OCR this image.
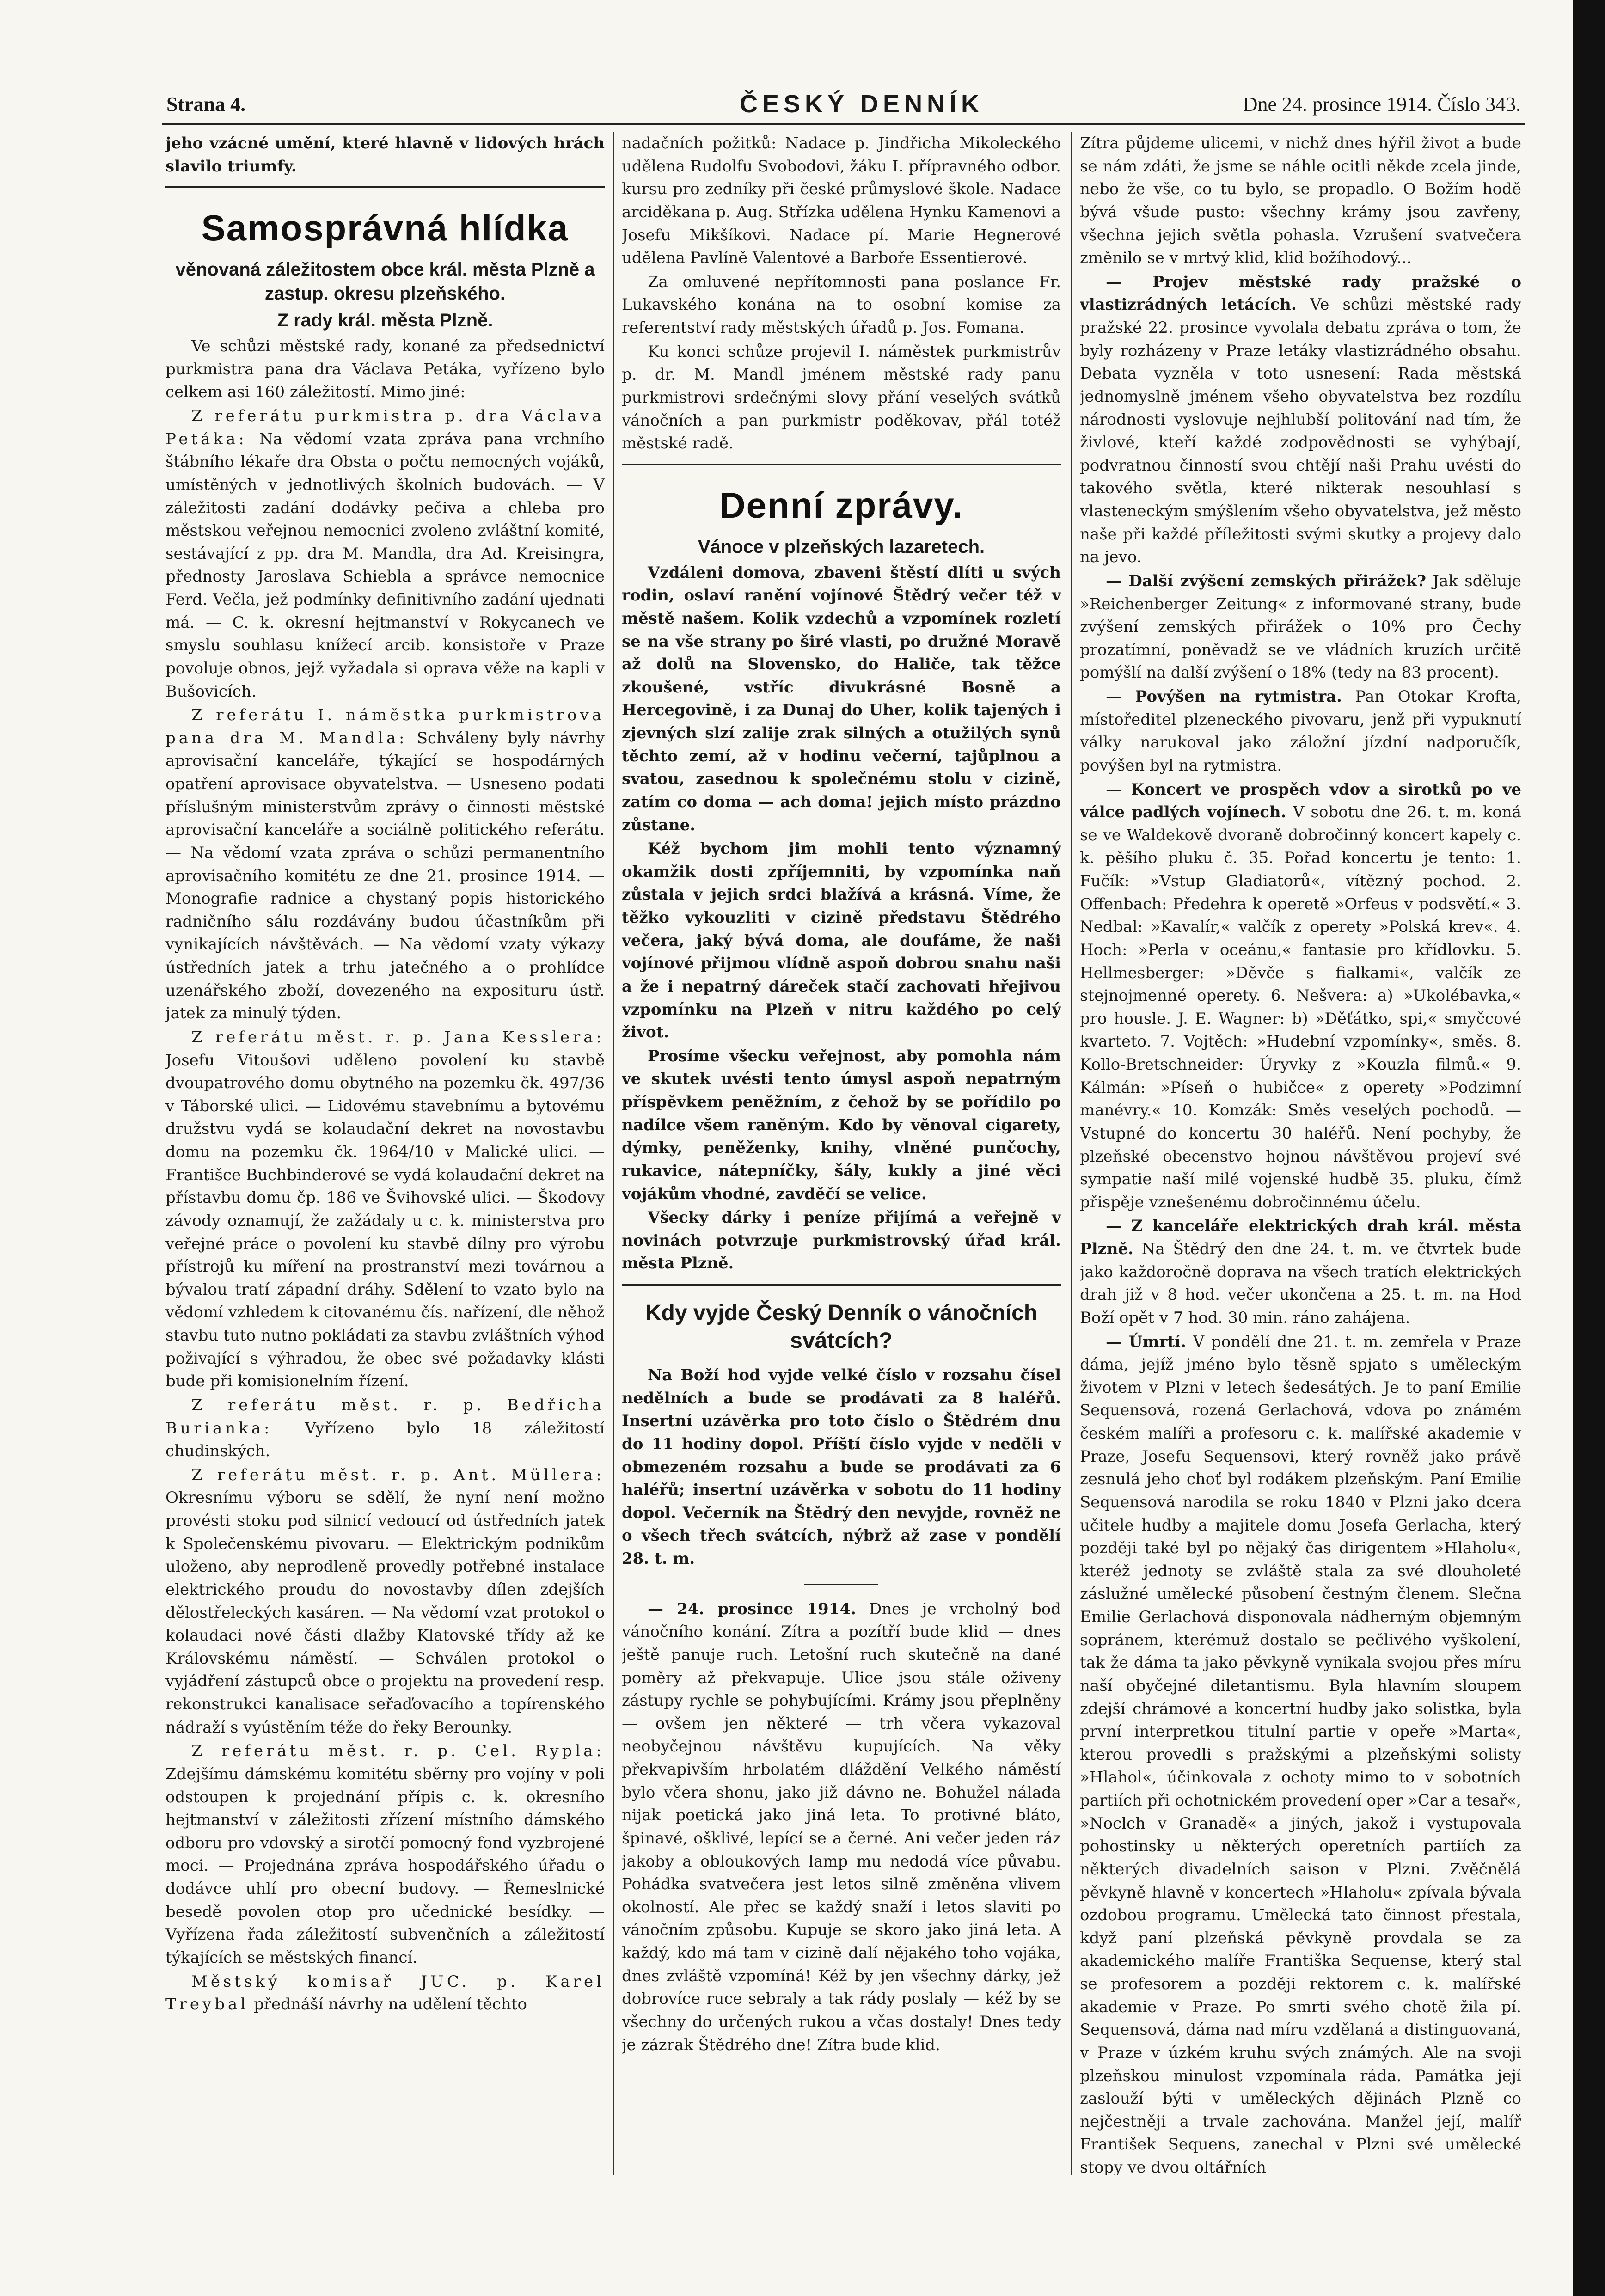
Strana 4.	ČESKÝ DENNÍK	Dne 24. prosince 1914. Číslo 343.

jeho vzácné umění, které hlavně v lidových hrách slavilo triumfy.

Samosprávná hlídka
věnovaná záležitostem obce král. města Plzně a zastup. okresu plzeňského.
Z rady král. města Plzně.

Ve schůzi městské rady, konané za předsednictví purkmistra pana dra Václava Petáka, vyřízeno bylo celkem asi 160 záležitostí. Mimo jiné:

Z referátu purkmistra p. dra Václava Petáka: Na vědomí vzata zpráva pana vrchního štábního lékaře dra Obsta o počtu nemocných vojáků, umístěných v jednotlivých školních budovách. — V záležitosti zadání dodávky pečiva a chleba pro městskou veřejnou nemocnici zvoleno zvláštní komité, sestávající z pp. dra M. Mandla, dra Ad. Kreisingra, přednosty Jaroslava Schiebla a správce nemocnice Ferd. Večla, jež podmínky definitivního zadání ujednati má. — C. k. okresní hejtmanství v Rokycanech ve smyslu souhlasu knížecí arcib. konsistoře v Praze povoluje obnos, jejž vyžadala si oprava věže na kapli v Bušovicích.

Z referátu I. náměstka purkmistrova pana dra M. Mandla: Schváleny byly návrhy aprovisační kanceláře, týkající se hospodárných opatření aprovisace obyvatelstva. — Usneseno podati příslušným ministerstvům zprávy o činnosti městské aprovisační kanceláře a sociálně politického referátu. — Na vědomí vzata zpráva o schůzi permanentního aprovisačního komitétu ze dne 21. prosince 1914. — Monografie radnice a chystaný popis historického radničního sálu rozdávány budou účastníkům při vynikajících návštěvách. — Na vědomí vzaty výkazy ústředních jatek a trhu jatečného a o prohlídce uzenářského zboží, dovezeného na exposituru ústř. jatek za minulý týden.

Z referátu měst. r. p. Jana Kesslera: Josefu Vitoušovi uděleno povolení ku stavbě dvoupatrového domu obytného na pozemku čk. 497/36 v Táborské ulici. — Lidovému stavebnímu a bytovému družstvu vydá se kolaudační dekret na novostavbu domu na pozemku čk. 1964/10 v Malické ulici. — Františce Buchbinderové se vydá kolaudační dekret na přístavbu domu čp. 186 ve Švihovské ulici. — Škodovy závody oznamují, že zažádaly u c. k. ministerstva pro veřejné práce o povolení ku stavbě dílny pro výrobu přístrojů ku míření na prostranství mezi továrnou a bývalou tratí západní dráhy. Sdělení to vzato bylo na vědomí vzhledem k citovanému čís. nařízení, dle něhož stavbu tuto nutno pokládati za stavbu zvláštních výhod poživající s výhradou, že obec své požadavky klásti bude při komisionelním řízení.

Z referátu měst. r. p. Bedřicha Burianka: Vyřízeno bylo 18 záležitostí chudinských.

Z referátu měst. r. p. Ant. Müllera: Okresnímu výboru se sdělí, že nyní není možno provésti stoku pod silnicí vedoucí od ústředních jatek k Společenskému pivovaru. — Elektrickým podnikům uloženo, aby neprodleně provedly potřebné instalace elektrického proudu do novostavby dílen zdejších dělostřeleckých kasáren. — Na vědomí vzat protokol o kolaudaci nové části dlažby Klatovské třídy až ke Královskému náměstí. — Schválen protokol o vyjádření zástupců obce o projektu na provedení resp. rekonstrukci kanalisace seřaďovacího a topírenského nádraží s vyústěním téže do řeky Berounky.

Z referátu měst. r. p. Cel. Rypla: Zdejšímu dámskému komitétu sběrny pro vojíny v poli odstoupen k projednání přípis c. k. okresního hejtmanství v záležitosti zřízení místního dámského odboru pro vdovský a sirotčí pomocný fond vyzbrojené moci. — Projednána zpráva hospodářského úřadu o dodávce uhlí pro obecní budovy. — Řemeslnické besedě povolen otop pro učednické besídky. — Vyřízena řada záležitostí subvenčních a záležitostí týkajících se městských financí.

Městský komisař JUC. p. Karel Treybal přednáší návrhy na udělení těchto

nadačních požitků: Nadace p. Jindřicha Mikoleckého udělena Rudolfu Svobodovi, žáku I. přípravného odbor. kursu pro zedníky při české průmyslové škole. Nadace arciděkana p. Aug. Střízka udělena Hynku Kamenovi a Josefu Mikšíkovi. Nadace pí. Marie Hegnerové udělena Pavlíně Valentové a Barboře Essentierové.

Za omluvené nepřítomnosti pana poslance Fr. Lukavského konána na to osobní komise za referentství rady městských úřadů p. Jos. Fomana.

Ku konci schůze projevil I. náměstek purkmistrův p. dr. M. Mandl jménem městské rady panu purkmistrovi srdečnými slovy přání veselých svátků vánočních a pan purkmistr poděkovav, přál totéž městské radě.

Denní zprávy.
Vánoce v plzeňských lazaretech.

Vzdáleni domova, zbaveni štěstí dlíti u svých rodin, oslaví ranění vojínové Štědrý večer též v městě našem. Kolik vzdechů a vzpomínek rozletí se na vše strany po širé vlasti, po družné Moravě až dolů na Slovensko, do Haliče, tak těžce zkoušené, vstříc divukrásné Bosně a Hercegovině, i za Dunaj do Uher, kolik tajených i zjevných slzí zalije zrak silných a otužilých synů těchto zemí, až v hodinu večerní, tajůplnou a svatou, zasednou k společnému stolu v cizině, zatím co doma — ach doma! jejich místo prázdno zůstane.

Kéž bychom jim mohli tento významný okamžik dosti zpříjemniti, by vzpomínka naň zůstala v jejich srdci blažívá a krásná. Víme, že těžko vykouzliti v cizině představu Štědrého večera, jaký bývá doma, ale doufáme, že naši vojínové přijmou vlídně aspoň dobrou snahu naši a že i nepatrný dáreček stačí zachovati hřejivou vzpomínku na Plzeň v nitru každého po celý život.

Prosíme všecku veřejnost, aby pomohla nám ve skutek uvésti tento úmysl aspoň nepatrným příspěvkem peněžním, z čehož by se pořídilo po nadílce všem raněným. Kdo by věnoval cigarety, dýmky, peněženky, knihy, vlněné punčochy, rukavice, nátepníčky, šály, kukly a jiné věci vojákům vhodné, zavděčí se velice.

Všecky dárky i peníze přijímá a veřejně v novinách potvrzuje purkmistrovský úřad král. města Plzně.

Kdy vyjde Český Denník o vánočních svátcích?

Na Boží hod vyjde velké číslo v rozsahu čísel nedělních a bude se prodávati za 8 haléřů. Insertní uzávěrka pro toto číslo o Štědrém dnu do 11 hodiny dopol. Příští číslo vyjde v neděli v obmezeném rozsahu a bude se prodávati za 6 haléřů; insertní uzávěrka v sobotu do 11 hodiny dopol. Večerník na Štědrý den nevyjde, rovněž ne o všech třech svátcích, nýbrž až zase v pondělí 28. t. m.

— 24. prosince 1914. Dnes je vrcholný bod vánočního konání. Zítra a pozítří bude klid — dnes ještě panuje ruch. Letošní ruch skutečně na dané poměry až překvapuje. Ulice jsou stále oživeny zástupy rychle se pohybujícími. Krámy jsou přeplněny — ovšem jen některé — trh včera vykazoval neobyčejnou návštěvu kupujících. Na věky překvapivším hrbolatém dláždění Velkého náměstí bylo včera shonu, jako již dávno ne. Bohužel nálada nijak poetická jako jiná leta. To protivné bláto, špinavé, ošklivé, lepící se a černé. Ani večer jeden ráz jakoby a obloukových lamp mu nedodá více půvabu. Pohádka svatvečera jest letos silně změněna vlivem okolností. Ale přec se každý snaží i letos slaviti po vánočním způsobu. Kupuje se skoro jako jiná leta. A každý, kdo má tam v cizině dalí nějakého toho vojáka, dnes zvláště vzpomíná! Kéž by jen všechny dárky, jež dobrovíce ruce sebraly a tak rády poslaly — kéž by se všechny do určených rukou a včas dostaly! Dnes tedy je zázrak Štědrého dne! Zítra bude klid.

Zítra půjdeme ulicemi, v nichž dnes hýřil život a bude se nám zdáti, že jsme se náhle ocitli někde zcela jinde, nebo že vše, co tu bylo, se propadlo. O Božím hodě bývá všude pusto: všechny krámy jsou zavřeny, všechna jejich světla pohasla. Vzrušení svatvečera změnilo se v mrtvý klid, klid božíhodový...

— Projev městské rady pražské o vlastizrádných letácích. Ve schůzi městské rady pražské 22. prosince vyvolala debatu zpráva o tom, že byly rozházeny v Praze letáky vlastizrádného obsahu. Debata vyzněla v toto usnesení: Rada městská jednomyslně jménem všeho obyvatelstva bez rozdílu národnosti vyslovuje nejhlubší politování nad tím, že živlové, kteří každé zodpovědnosti se vyhýbají, podvratnou činností svou chtějí naši Prahu uvésti do takového světla, které nikterak nesouhlasí s vlasteneckým smýšlením všeho obyvatelstva, jež město naše při každé příležitosti svými skutky a projevy dalo na jevo.

— Další zvýšení zemských přirážek? Jak sděluje »Reichenberger Zeitung« z informované strany, bude zvýšení zemských přirážek o 10% pro Čechy prozatímní, poněvadž se ve vládních kruzích určitě pomýšlí na další zvýšení o 18% (tedy na 83 procent).

— Povýšen na rytmistra. Pan Otokar Krofta, místoředitel plzeneckého pivovaru, jenž při vypuknutí války narukoval jako záložní jízdní nadporučík, povýšen byl na rytmistra.

— Koncert ve prospěch vdov a sirotků po ve válce padlých vojínech. V sobotu dne 26. t. m. koná se ve Waldekově dvoraně dobročinný koncert kapely c. k. pěšího pluku č. 35. Pořad koncertu je tento: 1. Fučík: »Vstup Gladiatorů«, vítězný pochod. 2. Offenbach: Předehra k operetě »Orfeus v podsvětí.« 3. Nedbal: »Kavalír,« valčík z operety »Polská krev«. 4. Hoch: »Perla v oceánu,« fantasie pro křídlovku. 5. Hellmesberger: »Děvče s fialkami«, valčík ze stejnojmenné operety. 6. Nešvera: a) »Ukolébavka,« pro housle. J. E. Wagner: b) »Děťátko, spi,« smyčcové kvarteto. 7. Vojtěch: »Hudební vzpomínky«, směs. 8. Kollo-Bretschneider: Úryvky z »Kouzla filmů.« 9. Kálmán: »Píseň o hubičce« z operety »Podzimní manévry.« 10. Komzák: Směs veselých pochodů. — Vstupné do koncertu 30 haléřů. Není pochyby, že plzeňské obecenstvo hojnou návštěvou projeví své sympatie naší milé vojenské hudbě 35. pluku, čímž přispěje vznešenému dobročinnému účelu.

— Z kanceláře elektrických drah král. města Plzně. Na Štědrý den dne 24. t. m. ve čtvrtek bude jako každoročně doprava na všech tratích elektrických drah již v 8 hod. večer ukončena a 25. t. m. na Hod Boží opět v 7 hod. 30 min. ráno zahájena.

— Úmrtí. V pondělí dne 21. t. m. zemřela v Praze dáma, jejíž jméno bylo těsně spjato s uměleckým životem v Plzni v letech šedesátých. Je to paní Emilie Sequensová, rozená Gerlachová, vdova po známém českém malíři a profesoru c. k. malířské akademie v Praze, Josefu Sequensovi, který rovněž jako právě zesnulá jeho choť byl rodákem plzeňským. Paní Emilie Sequensová narodila se roku 1840 v Plzni jako dcera učitele hudby a majitele domu Josefa Gerlacha, který později také byl po nějaký čas dirigentem »Hlaholu«, kteréž jednoty se zvláště stala za své dlouholeté záslužné umělecké působení čestným členem. Slečna Emilie Gerlachová disponovala nádherným objemným sopránem, kterémuž dostalo se pečlivého vyškolení, tak že dáma ta jako pěvkyně vynikala svojou přes míru naší obyčejné diletantismu. Byla hlavním sloupem zdejší chrámové a koncertní hudby jako solistka, byla první interpretkou titulní partie v opeře »Marta«, kterou provedli s pražskými a plzeňskými solisty »Hlahol«, účinkovala z ochoty mimo to v sobotních partiích při ochotnickém provedení oper »Car a tesař«, »Noclch v Granadě« a jiných, jakož i vystupovala pohostinsky u některých operetních partiích za některých divadelních saison v Plzni. Zvěčnělá pěvkyně hlavně v koncertech »Hlaholu« zpívala bývala ozdobou programu. Umělecká tato činnost přestala, když paní plzeňská pěvkyně provdala se za akademického malíře Františka Sequense, který stal se profesorem a později rektorem c. k. malířské akademie v Praze. Po smrti svého chotě žila pí. Sequensová, dáma nad míru vzdělaná a distinguovaná, v Praze v úzkém kruhu svých známých. Ale na svoji plzeňskou minulost vzpomínala ráda. Památka její zaslouží býti v uměleckých dějinách Plzně co nejčestněji a trvale zachována. Manžel její, malíř František Sequens, zanechal v Plzni své umělecké stopy ve dvou oltářních
